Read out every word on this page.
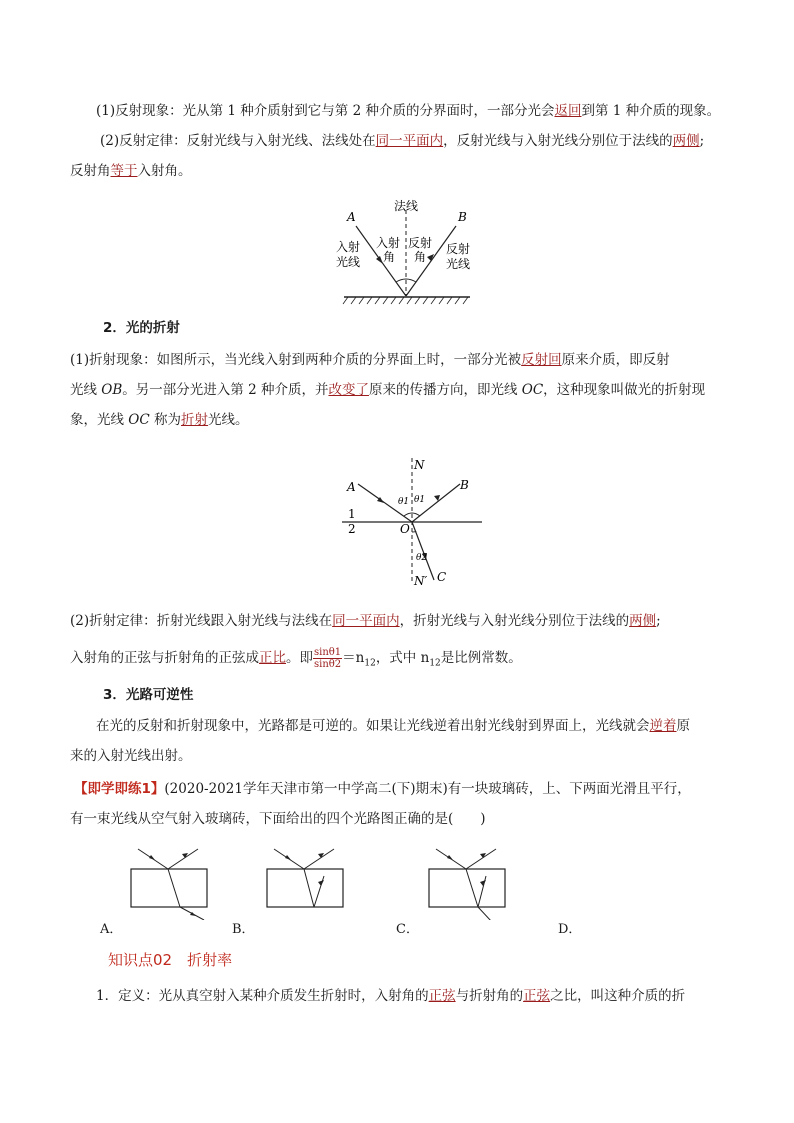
(1)反射现象：光从第 1 种介质射到它与第 2 种介质的分界面时，一部分光会返回到第 1 种介质的现象。
(2)反射定律：反射光线与入射光线、法线处在同一平面内，反射光线与入射光线分别位于法线的两侧;
反射角等于入射角。
法线
A	B
入射
光线
入射
角
反射
角
反射
光线
2．光的折射
(1)折射现象：如图所示，当光线入射到两种介质的分界面上时，一部分光被反射回原来介质，即反射
光线 OB。另一部分光进入第 2 种介质，并改变了原来的传播方向，即光线 OC，这种现象叫做光的折射现
象，光线 OC 称为折射光线。
N
N′
A	B
C
O
1
2
θ1 θ1
θ2
(2)折射定律：折射光线跟入射光线与法线在同一平面内，折射光线与入射光线分别位于法线的两侧;
入射角的正弦与折射角的正弦成正比。即 $\frac{\sin\theta 1}{\sin\theta 2} =n_{12}$，式中 $n_{12}$是比例常数。
3．光路可逆性
在光的反射和折射现象中，光路都是可逆的。如果让光线逆着出射光线射到界面上，光线就会逆着原
来的入射光线出射。
【即学即练1】(2020-2021学年天津市第一中学高二(下)期末)有一块玻璃砖，上、下两面光滑且平行，
有一束光线从空气射入玻璃砖，下面给出的四个光路图正确的是(　　)
A．	B．	C．	D．
知识点02　折射率
1．定义：光从真空射入某种介质发生折射时，入射角的正弦与折射角的正弦之比，叫这种介质的折
